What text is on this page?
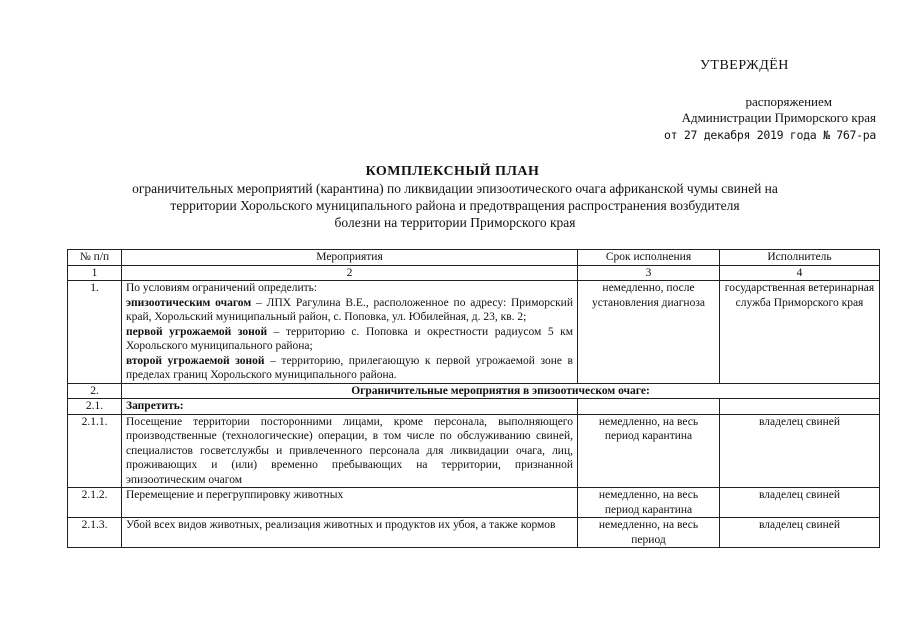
УТВЕРЖДЁН
распоряжением
Администрации Приморского края
от 27 декабря 2019 года № 767-ра
КОМПЛЕКСНЫЙ ПЛАН
ограничительных мероприятий (карантина) по ликвидации эпизоотического очага африканской чумы свиней на
территории Хорольского муниципального района и предотвращения распространения возбудителя
болезни на территории Приморского края
№ п/п	Мероприятия	Срок исполнения	Исполнитель
1	2	3	4
1.	По условиям ограничений определить:
эпизоотическим очагом – ЛПХ Рагулина В.Е., расположенное по адресу: Приморский край, Хорольский муниципальный район, с. Поповка, ул. Юбилейная, д. 23, кв. 2;
первой угрожаемой зоной – территорию с. Поповка и окрестности радиусом 5 км Хорольского муниципального района;
второй угрожаемой зоной – территорию, прилегающую к первой угрожаемой зоне в пределах границ Хорольского муниципального района.	немедленно, после установления диагноза	государственная ветеринарная служба Приморского края
2.	Ограничительные мероприятия в эпизоотическом очаге:		
2.1.	Запретить:		
2.1.1.	Посещение территории посторонними лицами, кроме персонала, выполняющего производственные (технологические) операции, в том числе по обслуживанию свиней, специалистов госветслужбы и привлеченного персонала для ликвидации очага, лиц, проживающих и (или) временно пребывающих на территории, признанной эпизоотическим очагом	немедленно, на весь период карантина	владелец свиней
2.1.2.	Перемещение и перегруппировку животных	немедленно, на весь период карантина	владелец свиней
2.1.3.	Убой всех видов животных, реализация животных и продуктов их убоя, а также кормов	немедленно, на весь период	владелец свиней
